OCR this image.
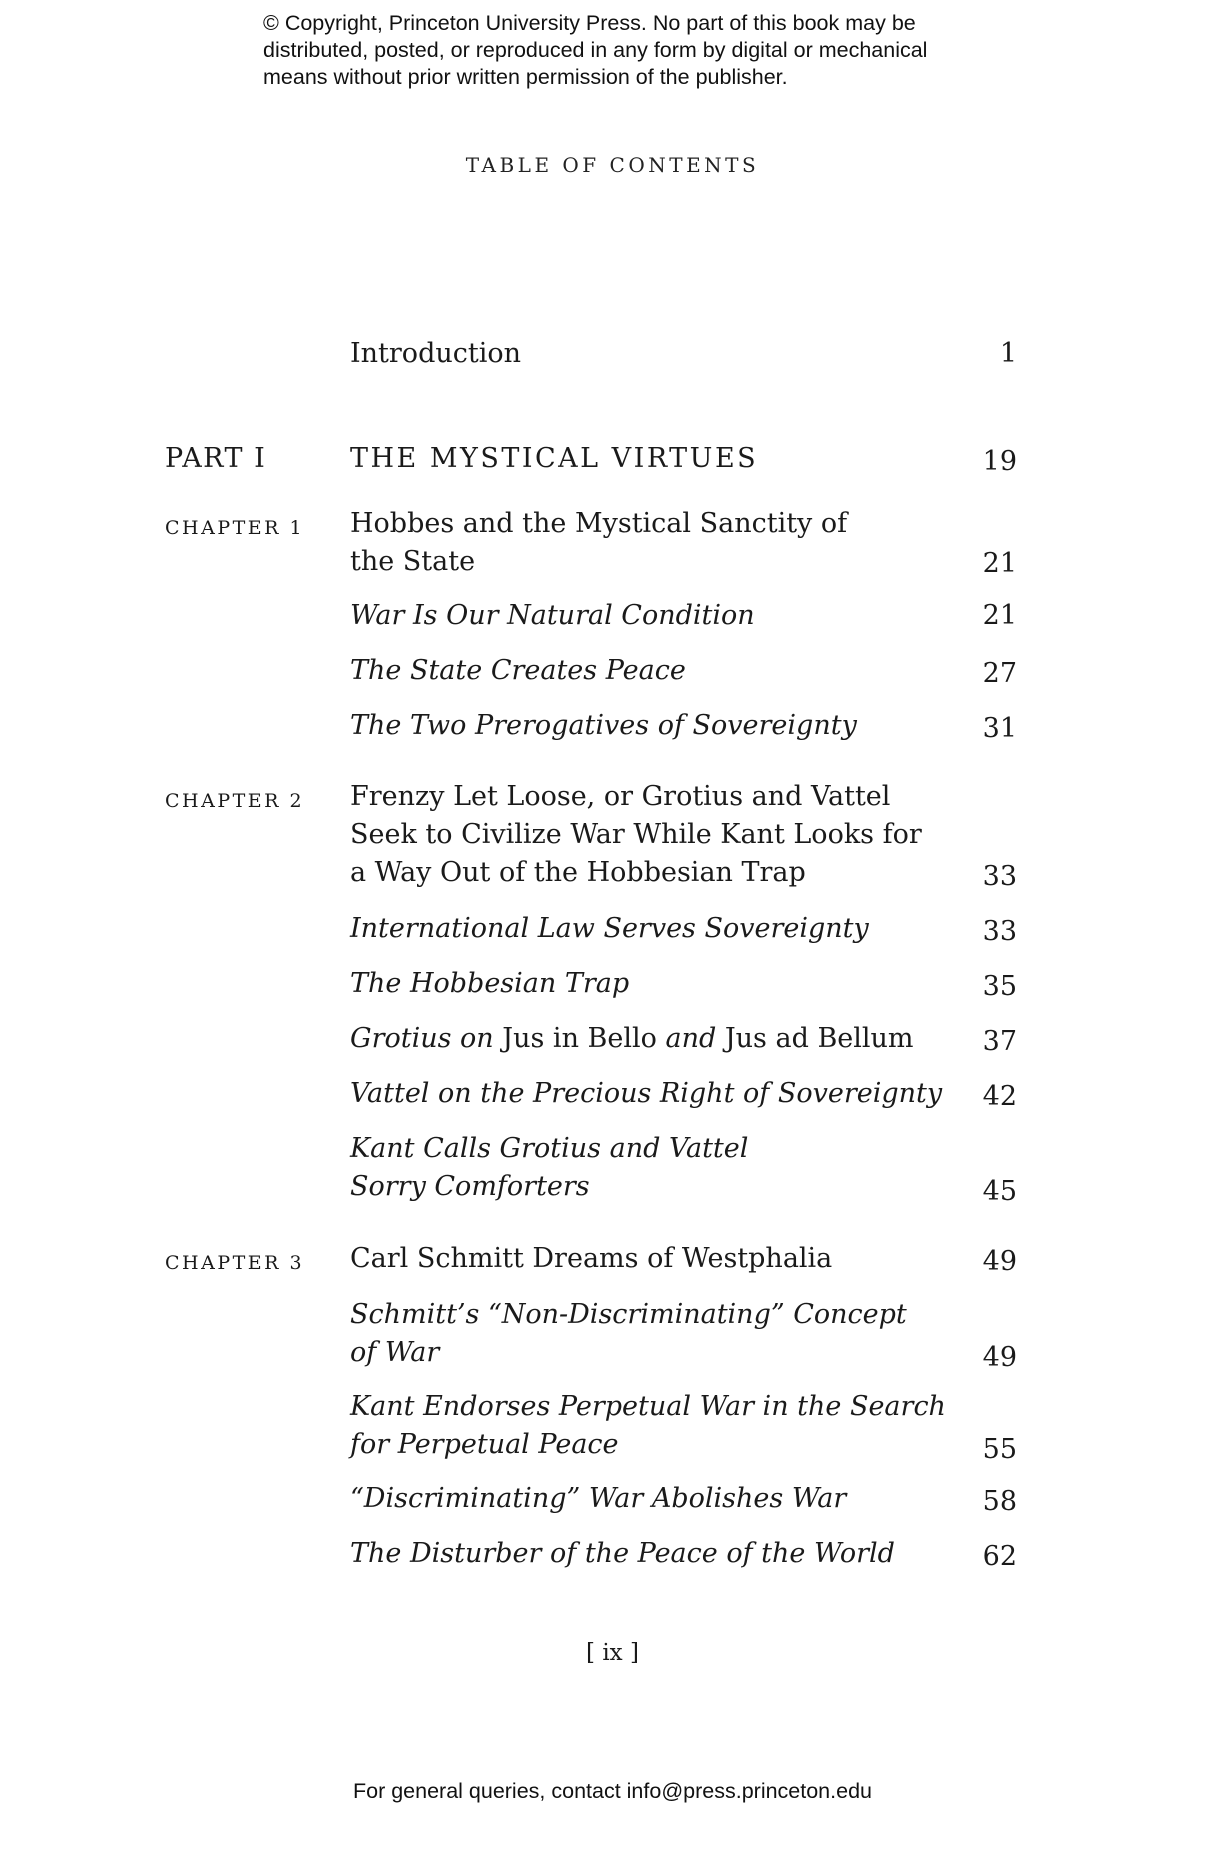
© Copyright, Princeton University Press. No part of this book may be
distributed, posted, or reproduced in any form by digital or mechanical
means without prior written permission of the publisher.
TABLE OF CONTENTS
Introduction	1
PART I	THE MYSTICAL VIRTUES	19
CHAPTER 1 Hobbes and the Mystical Sanctity of
the State	21
War Is Our Natural Condition	21
The State Creates Peace	27
The Two Prerogatives of Sovereignty	31
CHAPTER 2 Frenzy Let Loose, or Grotius and Vattel
Seek to Civilize War While Kant Looks for
a Way Out of the Hobbesian Trap	33
International Law Serves Sovereignty	33
The Hobbesian Trap	35
Grotius on Jus in Bello and Jus ad Bellum	37
Vattel on the Precious Right of Sovereignty 42
Kant Calls Grotius and Vattel
Sorry Comforters	45
CHAPTER 3 Carl Schmitt Dreams of Westphalia	49
Schmitt’s “Non-Discriminating” Concept
of War	49
Kant Endorses Perpetual War in the Search
for Perpetual Peace	55
“Discriminating” War Abolishes War	58
The Disturber of the Peace of the World	62
[ ix ]
For general queries, contact info@press.princeton.edu
